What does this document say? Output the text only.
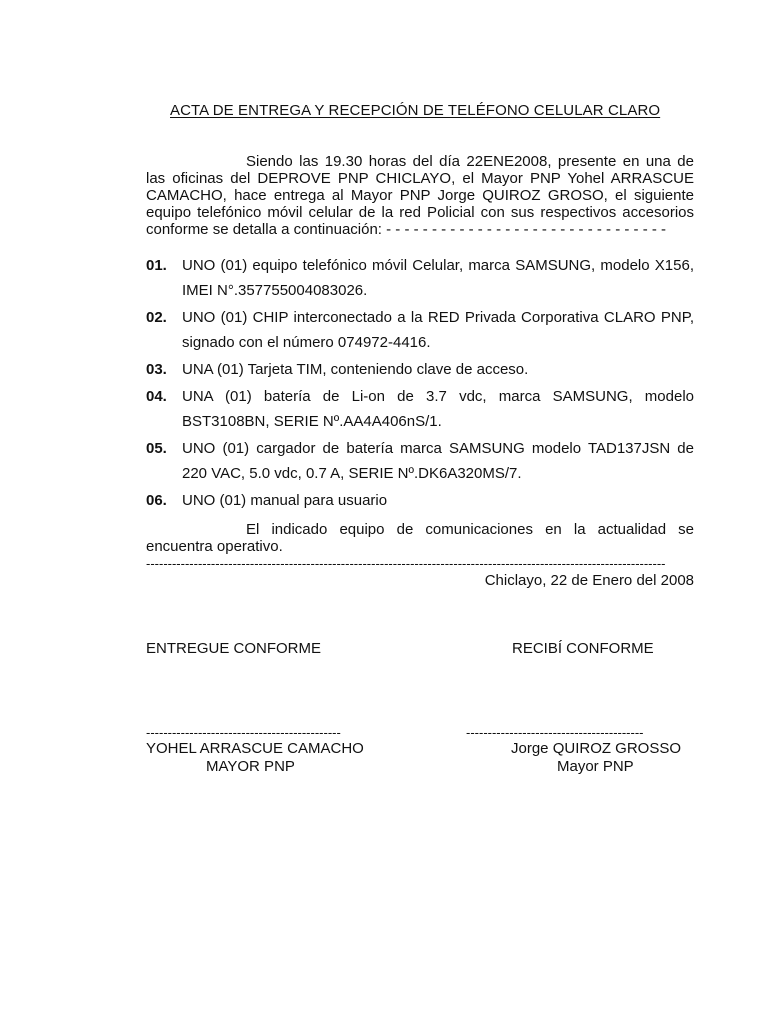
ACTA DE ENTREGA Y RECEPCIÓN DE TELÉFONO CELULAR CLARO
Siendo las 19.30 horas del día 22ENE2008, presente en una de las oficinas del DEPROVE PNP CHICLAYO, el Mayor PNP Yohel ARRASCUE CAMACHO, hace entrega al Mayor PNP Jorge QUIROZ GROSO, el siguiente equipo telefónico móvil celular de la red Policial con sus respectivos accesorios conforme se detalla a continuación: - - - - - - - - - - - - - - - - - - - - - - - - - - - - - - -
01.	UNO (01) equipo telefónico móvil Celular, marca SAMSUNG, modelo X156, IMEI N°.357755004083026.
02.	UNO (01) CHIP interconectado a la RED Privada Corporativa CLARO PNP, signado con el número 074972-4416.
03.	UNA (01) Tarjeta TIM, conteniendo clave de acceso.
04.	UNA (01) batería de Li-on de 3.7 vdc, marca SAMSUNG, modelo BST3108BN, SERIE Nº.AA4A406nS/1.
05.	UNO (01) cargador de batería marca SAMSUNG modelo TAD137JSN de 220 VAC, 5.0 vdc, 0.7 A, SERIE Nº.DK6A320MS/7.
06.	UNO (01) manual para usuario
El indicado equipo de comunicaciones en la actualidad se encuentra operativo.
------------------------------------------------------------------------------------------------------------------------
Chiclayo, 22 de Enero del 2008
ENTREGUE CONFORME	RECIBÍ CONFORME
---------------------------------------------	-----------------------------------------
YOHEL ARRASCUE CAMACHO
MAYOR PNP
Jorge QUIROZ GROSSO
Mayor PNP
